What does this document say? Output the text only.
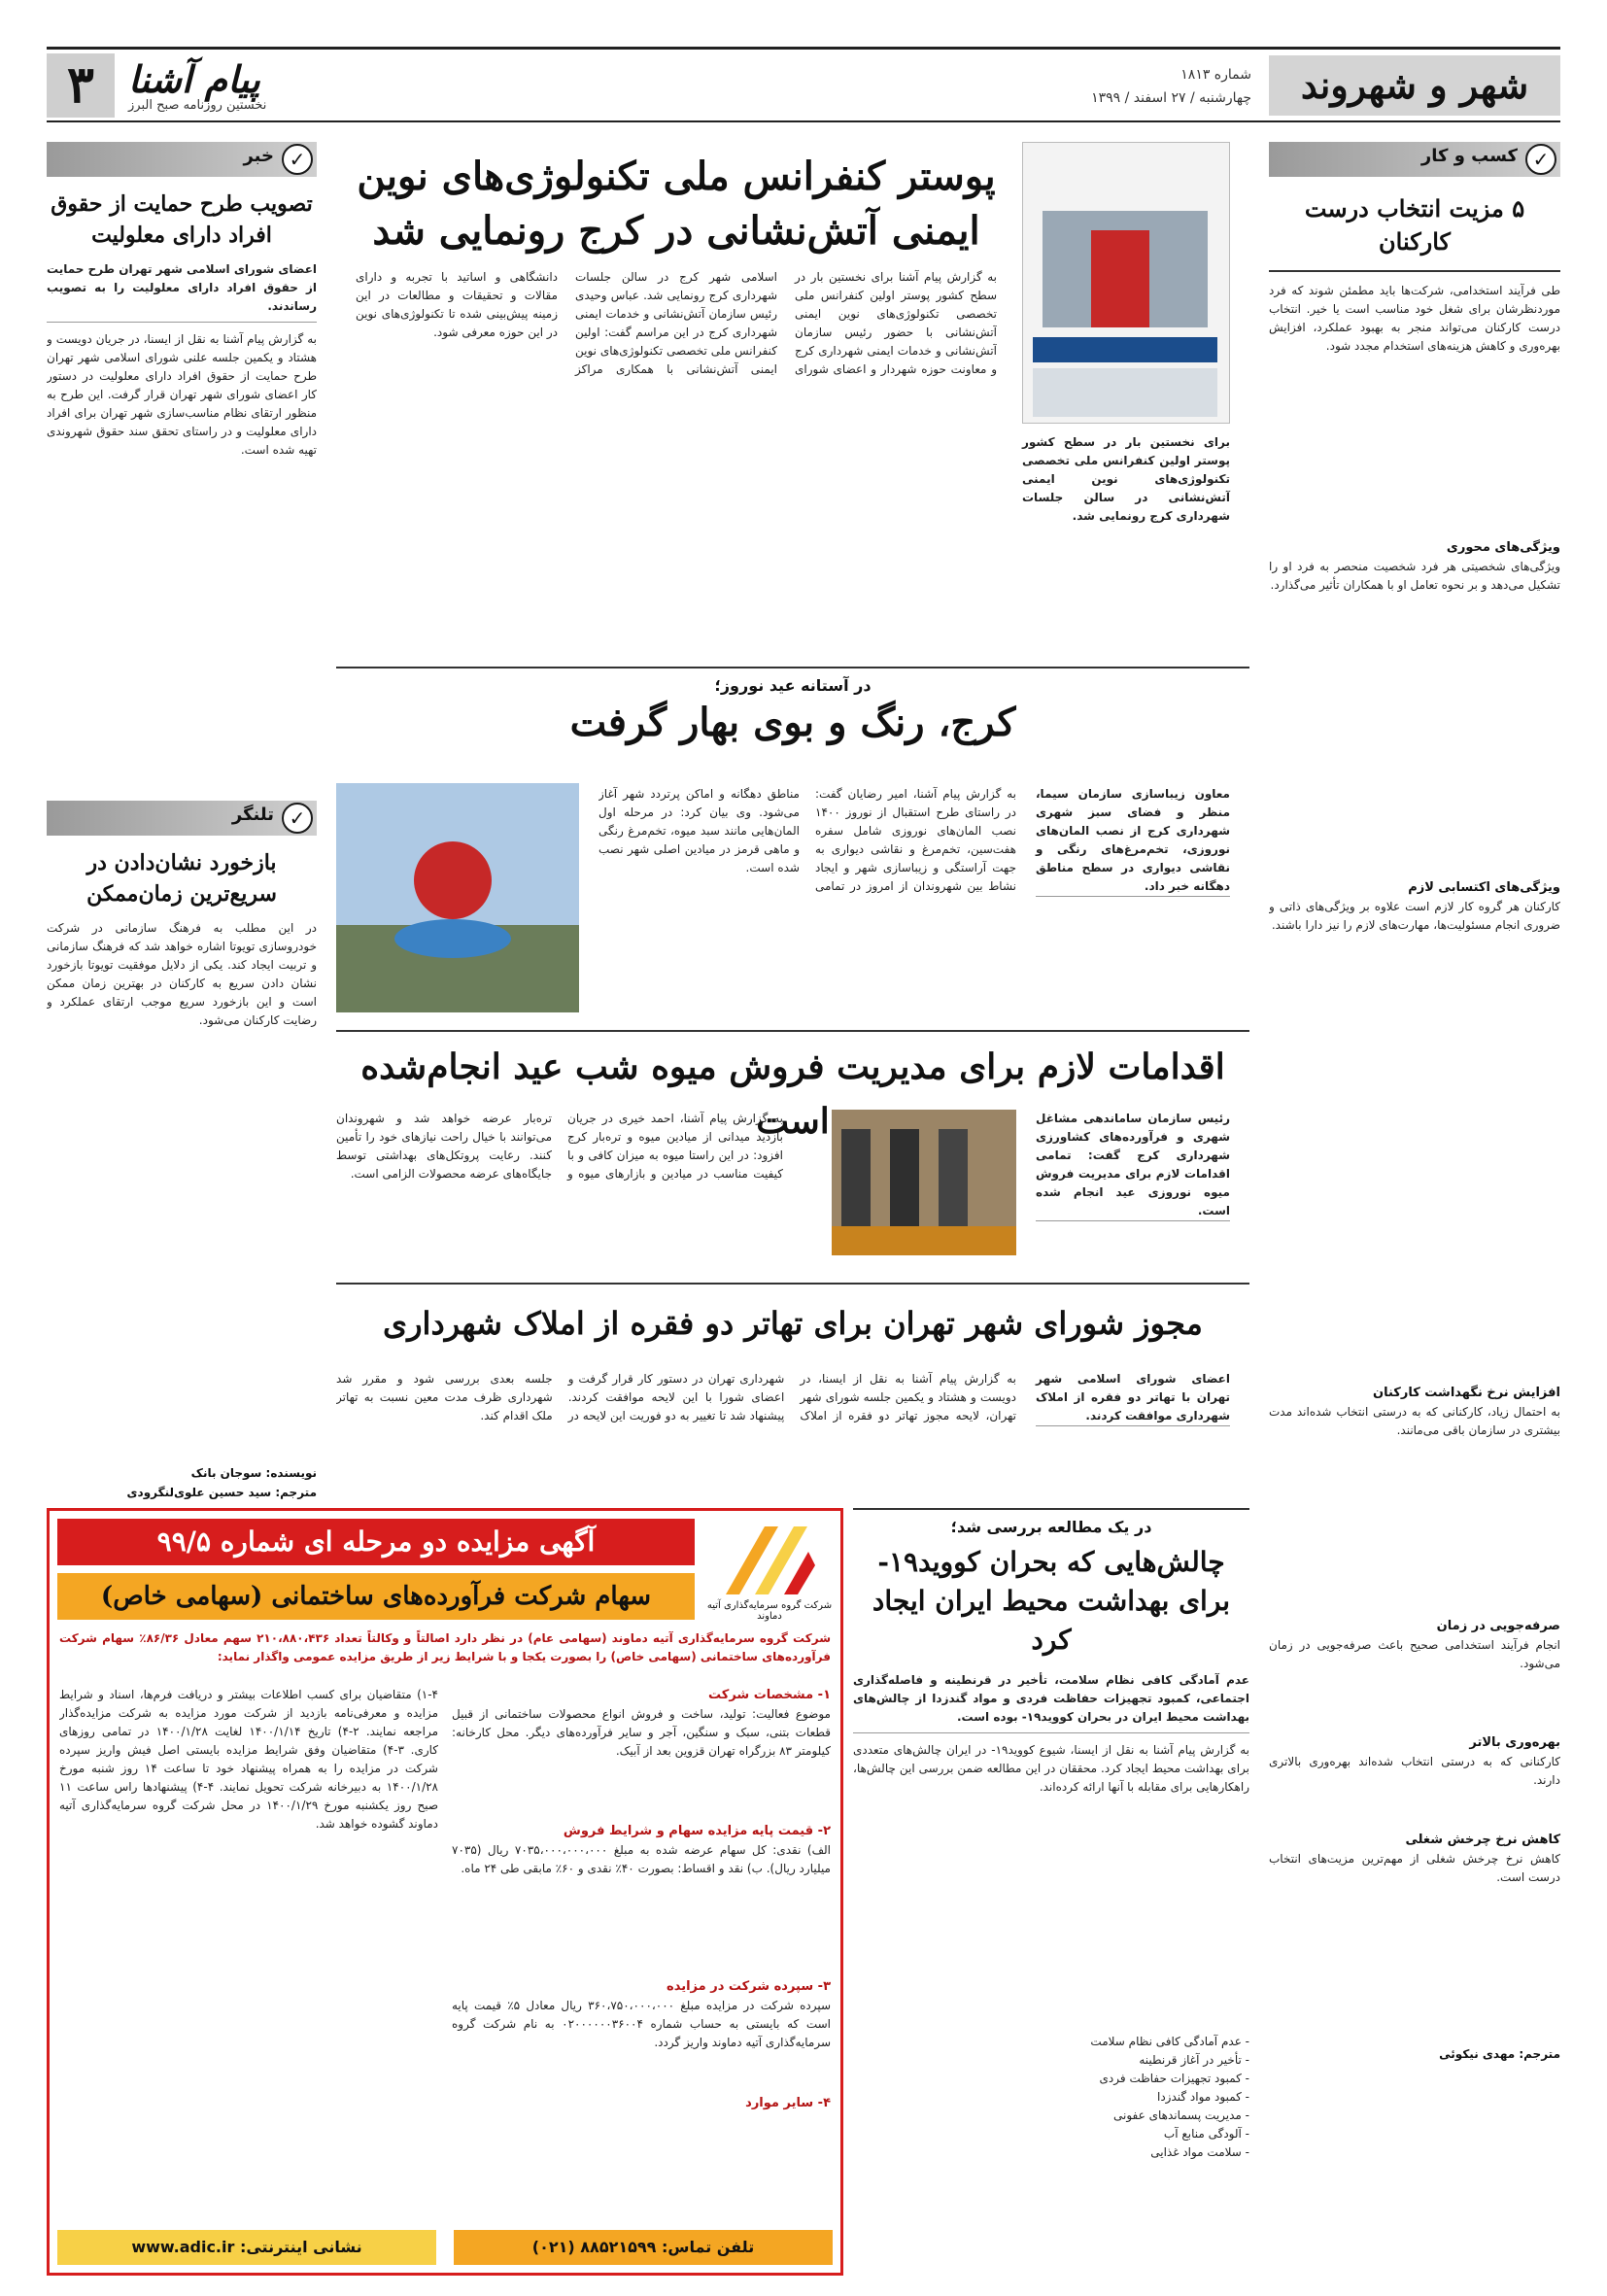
شهر و شهروند
شماره ۱۸۱۳
چهارشنبه / ۲۷ اسفند / ۱۳۹۹
۳ پیام آشنا
نخستین روزنامه صبح البرز
✓
کسب و کار
۵ مزیت انتخاب درست کارکنان
طی فرآیند استخدامی، شرکت‌ها باید مطمئن شوند که فرد موردنظرشان برای شغل خود مناسب است یا خیر. انتخاب درست کارکنان می‌تواند منجر به بهبود عملکرد، افزایش بهره‌وری و کاهش هزینه‌های استخدام مجدد شود.
ویژگی‌های محوری
ویژگی‌های شخصیتی هر فرد شخصیت منحصر به فرد او را تشکیل می‌دهد و بر نحوه تعامل او با همکاران تأثیر می‌گذارد.
ویژگی‌های اکتسابی لازم
کارکنان هر گروه کار لازم است علاوه بر ویژگی‌های ذاتی و ضروری انجام مسئولیت‌ها، مهارت‌های لازم را نیز دارا باشند.
افزایش نرخ نگهداشت کارکنان
به احتمال زیاد، کارکنانی که به درستی انتخاب شده‌اند مدت بیشتری در سازمان باقی می‌مانند.
صرفه‌جویی در زمان
انجام فرآیند استخدامی صحیح باعث صرفه‌جویی در زمان می‌شود.
بهره‌وری بالاتر
کارکنانی که به درستی انتخاب شده‌اند بهره‌وری بالاتری دارند.
کاهش نرخ چرخش شغلی
کاهش نرخ چرخش شغلی از مهم‌ترین مزیت‌های انتخاب درست است.
مترجم: مهدی نیکوئی
✓
خبر
تصویب طرح حمایت از حقوق افراد دارای معلولیت
اعضای شورای اسلامی شهر تهران طرح حمایت از حقوق افراد دارای معلولیت را به تصویب رساندند.
به گزارش پیام آشنا به نقل از ایسنا، در جریان دویست و هشتاد و یکمین جلسه علنی شورای اسلامی شهر تهران طرح حمایت از حقوق افراد دارای معلولیت در دستور کار اعضای شورای شهر تهران قرار گرفت. این طرح به منظور ارتقای نظام مناسب‌سازی شهر تهران برای افراد دارای معلولیت و در راستای تحقق سند حقوق شهروندی تهیه شده است.
✓
تلنگر
بازخورد نشان‌دادن در سریع‌ترین زمان‌ممکن
در این مطلب به فرهنگ سازمانی در شرکت خودروسازی تویوتا اشاره خواهد شد که فرهنگ سازمانی و تربیت ایجاد کند. یکی از دلایل موفقیت تویوتا بازخورد نشان دادن سریع به کارکنان در بهترین زمان ممکن است و این بازخورد سریع موجب ارتقای عملکرد و رضایت کارکنان می‌شود.
نویسنده: سوجان بانک
مترجم: سید حسین علوی‌لنگرودی
پوستر کنفرانس ملی تکنولوژی‌های نوین ایمنی آتش‌نشانی در کرج رونمایی شد
برای نخستین بار در سطح کشور پوستر اولین کنفرانس ملی تخصصی تکنولوژی‌های نوین ایمنی آتش‌نشانی در سالن جلسات شهرداری کرج رونمایی شد.
به گزارش پیام آشنا برای نخستین بار در سطح کشور پوستر اولین کنفرانس ملی تخصصی تکنولوژی‌های نوین ایمنی آتش‌نشانی با حضور رئیس سازمان آتش‌نشانی و خدمات ایمنی شهرداری کرج و معاونت حوزه شهردار و اعضای شورای اسلامی شهر کرج در سالن جلسات شهرداری کرج رونمایی شد. عباس وحیدی رئیس سازمان آتش‌نشانی و خدمات ایمنی شهرداری کرج در این مراسم گفت: اولین کنفرانس ملی تخصصی تکنولوژی‌های نوین ایمنی آتش‌نشانی با همکاری مراکز دانشگاهی و اساتید با تجربه و دارای مقالات و تحقیقات و مطالعات در این زمینه پیش‌بینی شده تا تکنولوژی‌های نوین در این حوزه معرفی شود.
در آستانه عید نوروز؛
کرج، رنگ و بوی بهار گرفت
معاون زیباسازی سازمان سیما، منظر و فضای سبز شهری شهرداری کرج از نصب المان‌های نوروزی، تخم‌مرغ‌های رنگی و نقاشی دیواری در سطح مناطق دهگانه خبر داد.
به گزارش پیام آشنا، امیر رضایان گفت: در راستای طرح استقبال از نوروز ۱۴۰۰ نصب المان‌های نوروزی شامل سفره هفت‌سین، تخم‌مرغ و نقاشی دیواری به جهت آراستگی و زیباسازی شهر و ایجاد نشاط بین شهروندان از امروز در تمامی مناطق دهگانه و اماکن پرتردد شهر آغاز می‌شود. وی بیان کرد: در مرحله اول المان‌هایی مانند سبد میوه، تخم‌مرغ رنگی و ماهی قرمز در میادین اصلی شهر نصب شده است.
اقدامات لازم برای مدیریت فروش میوه شب عید انجام‌شده است	رئیس سازمان ساماندهی مشاغل شهری و فرآورده‌های کشاورزی شهرداری کرج گفت: تمامی اقدامات لازم برای مدیریت فروش میوه نوروزی عید انجام شده است.
به گزارش پیام آشنا، احمد خیری در جریان بازدید میدانی از میادین میوه و تره‌بار کرج افزود: در این راستا میوه به میزان کافی و با کیفیت مناسب در میادین و بازارهای میوه و تره‌بار عرضه خواهد شد و شهروندان می‌توانند با خیال راحت نیازهای خود را تأمین کنند. رعایت پروتکل‌های بهداشتی توسط جایگاه‌های عرضه محصولات الزامی است.
مجوز شورای شهر تهران برای تهاتر دو فقره از املاک شهرداری
اعضای شورای اسلامی شهر تهران با تهاتر دو فقره از املاک شهرداری موافقت کردند.
به گزارش پیام آشنا به نقل از ایسنا، در دویست و هشتاد و یکمین جلسه شورای شهر تهران، لایحه مجوز تهاتر دو فقره از املاک شهرداری تهران در دستور کار قرار گرفت و اعضای شورا با این لایحه موافقت کردند. پیشنهاد شد تا تغییر به دو فوریت این لایحه در جلسه بعدی بررسی شود و مقرر شد شهرداری ظرف مدت معین نسبت به تهاتر ملک اقدام کند.
در یک مطالعه بررسی شد؛
چالش‌هایی که بحران کووید۱۹- برای بهداشت محیط ایران ایجاد کرد
عدم آمادگی کافی نظام سلامت، تأخیر در قرنطینه و فاصله‌گذاری اجتماعی، کمبود تجهیزات حفاظت فردی و مواد گندزدا از چالش‌های بهداشت محیط ایران در بحران کووید۱۹- بوده است.
به گزارش پیام آشنا به نقل از ایسنا، شیوع کووید۱۹- در ایران چالش‌های متعددی برای بهداشت محیط ایجاد کرد. محققان در این مطالعه ضمن بررسی این چالش‌ها، راهکارهایی برای مقابله با آنها ارائه کرده‌اند.
- عدم آمادگی کافی نظام سلامت
- تأخیر در آغاز قرنطینه
- کمبود تجهیزات حفاظت فردی
- کمبود مواد گندزدا
- مدیریت پسماندهای عفونی
- آلودگی منابع آب
- سلامت مواد غذایی
شرکت گروه سرمایه‌گذاری آتیه دماوند
آگهی مزایده دو مرحله ای شماره ۹۹/۵
سهام شرکت فرآورده‌های ساختمانی (سهامی خاص)
شرکت گروه سرمایه‌گذاری آتیه دماوند (سهامی عام) در نظر دارد اصالتاً و وکالتاً تعداد ۲۱۰،۸۸۰،۴۳۶ سهم معادل ۸۶/۳۶٪ سهام شرکت فرآورده‌های ساختمانی (سهامی خاص) را بصورت یکجا و با شرایط زیر از طریق مزایده عمومی واگذار نماید:
۱- مشخصات شرکت
موضوع فعالیت: تولید، ساخت و فروش انواع محصولات ساختمانی از قبیل قطعات بتنی، سبک و سنگین، آجر و سایر فرآورده‌های دیگر. محل کارخانه: کیلومتر ۸۳ بزرگراه تهران قزوین بعد از آبیک.
۲- قیمت پایه مزایده سهام و شرایط فروش
الف) نقدی: کل سهام عرضه شده به مبلغ ۷۰۳۵،۰۰۰،۰۰۰،۰۰۰ ریال (۷۰۳۵ میلیارد ریال). ب) نقد و اقساط: بصورت ۴۰٪ نقدی و ۶۰٪ مابقی طی ۲۴ ماه.
۳- سپرده شرکت در مزایده
سپرده شرکت در مزایده مبلغ ۳۶۰،۷۵۰،۰۰۰،۰۰۰ ریال معادل ۵٪ قیمت پایه است که بایستی به حساب شماره ۰۲۰۰۰۰۰۰۳۶۰۰۴ به نام شرکت گروه سرمایه‌گذاری آتیه دماوند واریز گردد.
۴- سایر موارد
۱-۴) متقاضیان برای کسب اطلاعات بیشتر و دریافت فرم‌ها، اسناد و شرایط مزایده و معرفی‌نامه بازدید از شرکت مورد مزایده به شرکت مزایده‌گذار مراجعه نمایند. ۲-۴) تاریخ ۱۴۰۰/۱/۱۴ لغایت ۱۴۰۰/۱/۲۸ در تمامی روزهای کاری. ۳-۴) متقاضیان وفق شرایط مزایده بایستی اصل فیش واریز سپرده شرکت در مزایده را به همراه پیشنهاد خود تا ساعت ۱۴ روز شنبه مورخ ۱۴۰۰/۱/۲۸ به دبیرخانه شرکت تحویل نمایند. ۴-۴) پیشنهادها راس ساعت ۱۱ صبح روز یکشنبه مورخ ۱۴۰۰/۱/۲۹ در محل شرکت گروه سرمایه‌گذاری آتیه دماوند گشوده خواهد شد.
تلفن تماس: ۸۸۵۲۱۵۹۹ (۰۲۱)
نشانی اینترنتی: www.adic.ir
